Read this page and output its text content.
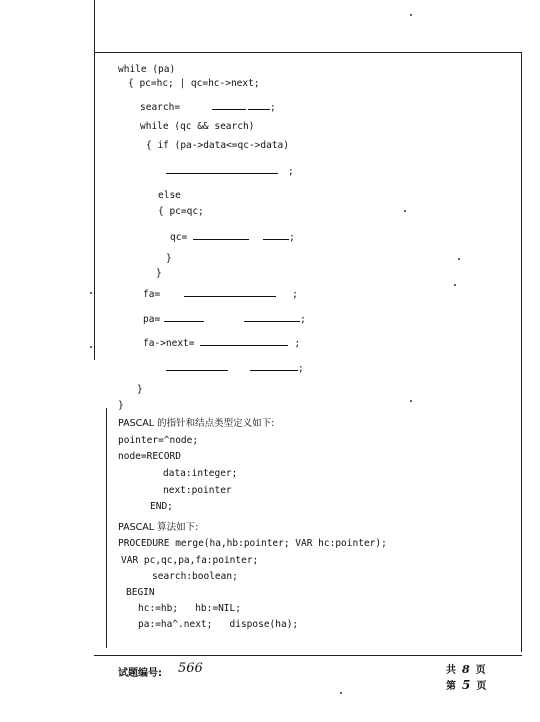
while (pa)
{ pc=hc; | qc=hc->next;
search=	;
while (qc && search)
{ if (pa->data<=qc->data)
;
else
{ pc=qc;
qc=	;
}
}
fa=	;
pa=	;
fa->next=	;
;
}
}
PASCAL 的指针和结点类型定义如下:
pointer=^node;
node=RECORD
data:integer;
next:pointer
END;
PASCAL 算法如下:
PROCEDURE merge(ha,hb:pointer; VAR hc:pointer);
VAR pc,qc,pa,fa:pointer;
search:boolean;
BEGIN
hc:=hb;   hb:=NIL;
pa:=ha^.next;   dispose(ha);
试题编号: 566	共 8 页
第 5 页
